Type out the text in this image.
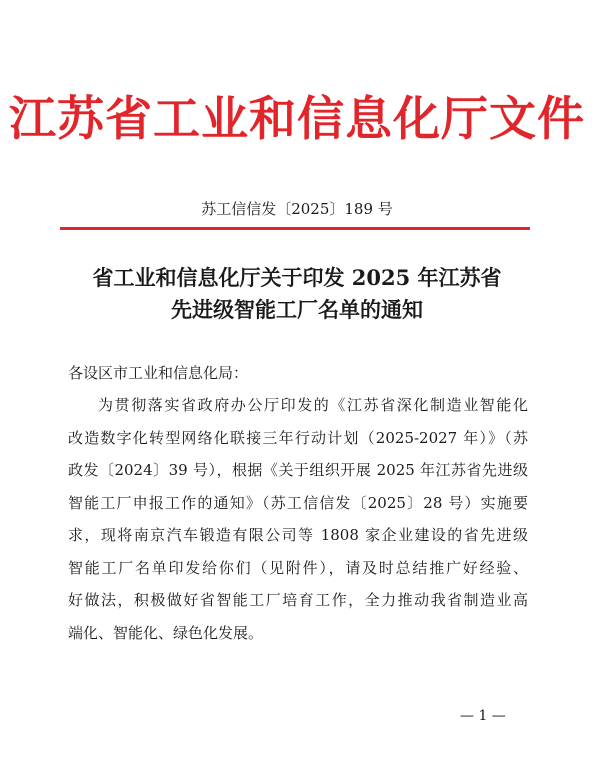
江苏省工业和信息化厅文件
苏工信信发〔2025〕189 号
省工业和信息化厅关于印发 2025 年江苏省
先进级智能工厂名单的通知
各设区市工业和信息化局：
为贯彻落实省政府办公厅印发的《江苏省深化制造业智能化
改造数字化转型网络化联接三年行动计划（2025-2027 年）》（苏
政发〔2024〕39 号），根据《关于组织开展 2025 年江苏省先进级
智能工厂申报工作的通知》（苏工信信发〔2025〕28 号）实施要
求，现将南京汽车锻造有限公司等 1808 家企业建设的省先进级
智能工厂名单印发给你们（见附件），请及时总结推广好经验、
好做法，积极做好省智能工厂培育工作，全力推动我省制造业高
端化、智能化、绿色化发展。
— 1 —
